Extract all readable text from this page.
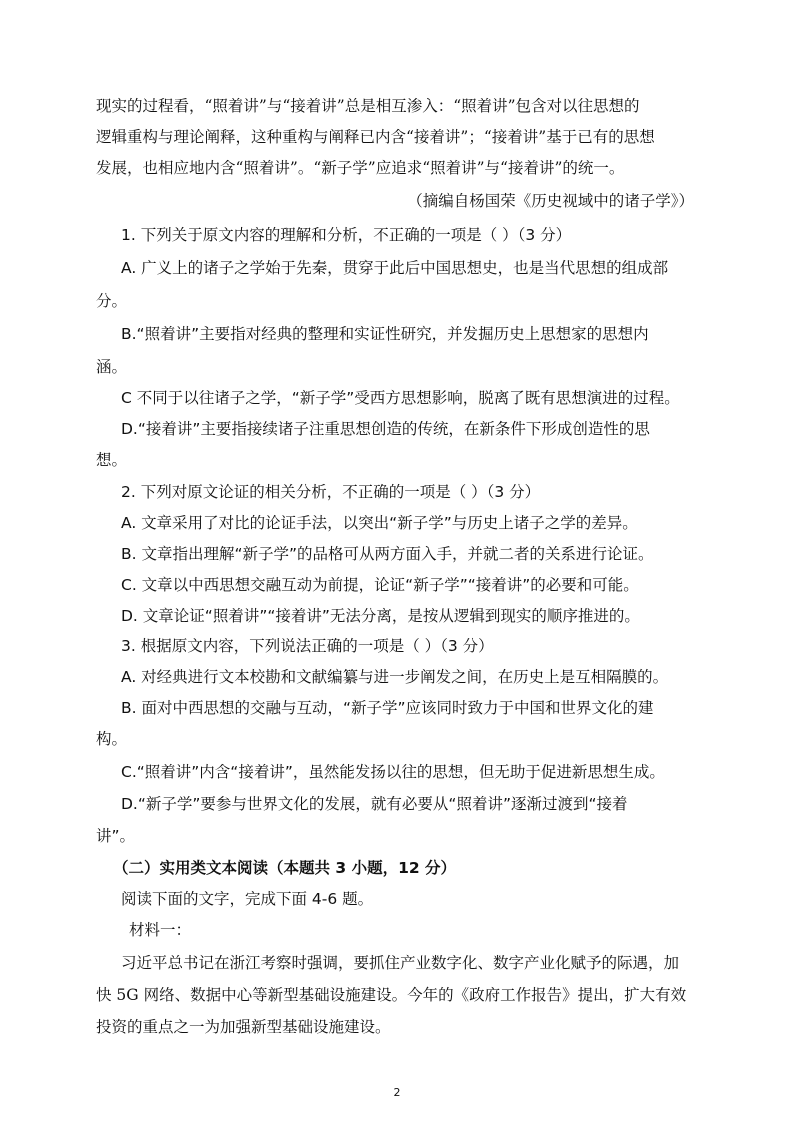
现实的过程看，“照着讲”与“接着讲”总是相互渗入：“照着讲”包含对以往思想的
逻辑重构与理论阐释，这种重构与阐释已内含“接着讲”；“接着讲”基于已有的思想
发展，也相应地内含“照着讲”。“新子学”应追求“照着讲”与“接着讲”的统一。
（摘编自杨国荣《历史视域中的诸子学》）
1. 下列关于原文内容的理解和分析，不正确的一项是（ ）（3 分）
A. 广义上的诸子之学始于先秦，贯穿于此后中国思想史，也是当代思想的组成部
分。
B.“照着讲”主要指对经典的整理和实证性研究，并发掘历史上思想家的思想内
涵。
C 不同于以往诸子之学，“新子学”受西方思想影响，脱离了既有思想演进的过程。
D.“接着讲”主要指接续诸子注重思想创造的传统，在新条件下形成创造性的思
想。
2. 下列对原文论证的相关分析，不正确的一项是（ ）（3 分）
A. 文章采用了对比的论证手法，以突出“新子学”与历史上诸子之学的差异。
B. 文章指出理解“新子学”的品格可从两方面入手，并就二者的关系进行论证。
C. 文章以中西思想交融互动为前提，论证“新子学”“接着讲”的必要和可能。
D. 文章论证“照着讲”“接着讲”无法分离，是按从逻辑到现实的顺序推进的。
3. 根据原文内容，下列说法正确的一项是（ ）（3 分）
A. 对经典进行文本校勘和文献编纂与进一步阐发之间，在历史上是互相隔膜的。
B. 面对中西思想的交融与互动，“新子学”应该同时致力于中国和世界文化的建
构。
C.“照着讲”内含“接着讲”，虽然能发扬以往的思想，但无助于促进新思想生成。
D.“新子学”要参与世界文化的发展，就有必要从“照着讲”逐渐过渡到“接着
讲”。
（二）实用类文本阅读（本题共 3 小题，12 分）
阅读下面的文字，完成下面 4-6 题。
材料一：
习近平总书记在浙江考察时强调，要抓住产业数字化、数字产业化赋予的际遇，加
快 5G 网络、数据中心等新型基础设施建设。今年的《政府工作报告》提出，扩大有效
投资的重点之一为加强新型基础设施建设。
2
